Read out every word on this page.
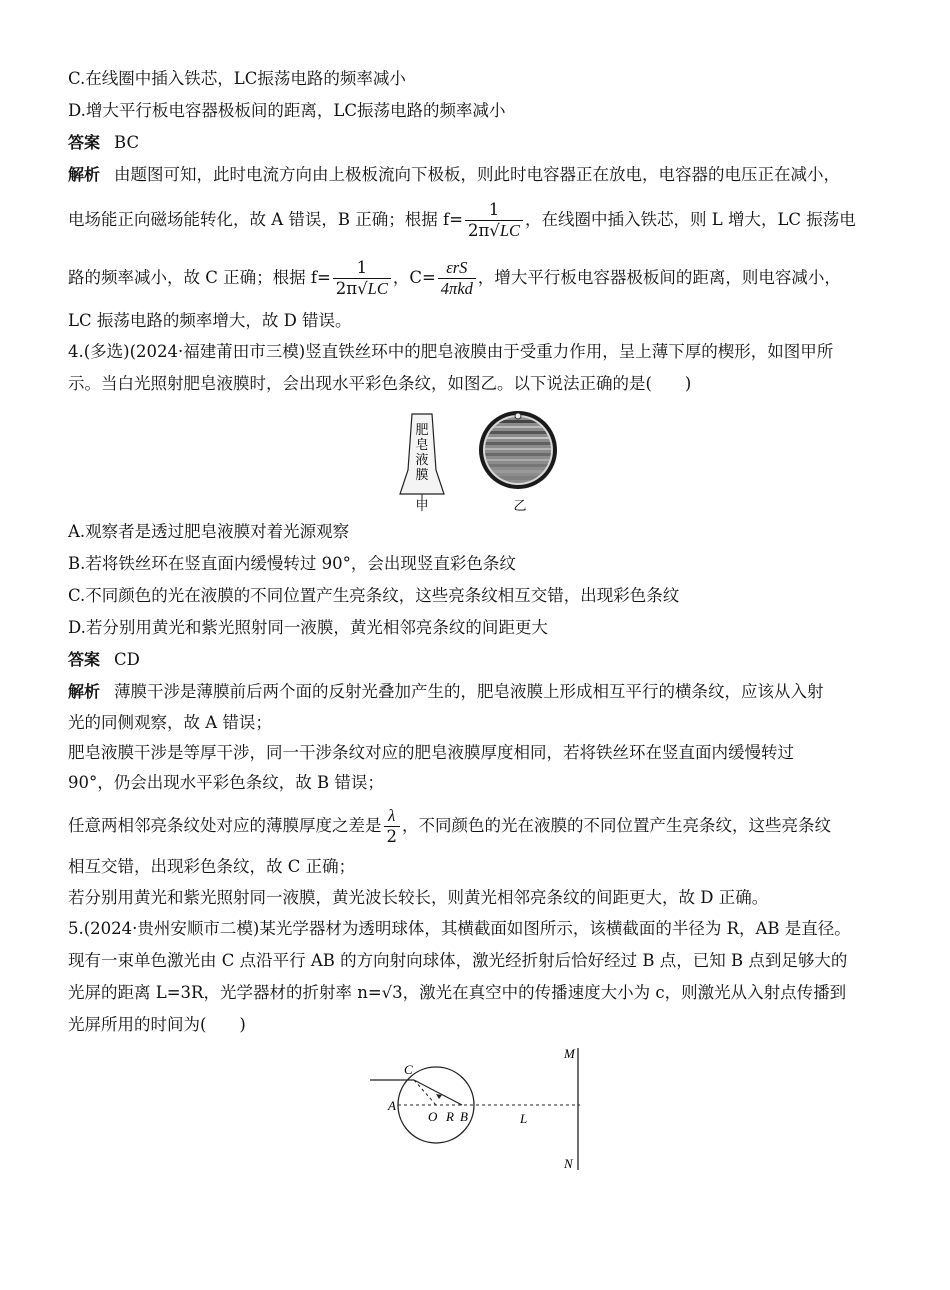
C.在线圈中插入铁芯，LC振荡电路的频率减小
D.增大平行板电容器极板间的距离，LC振荡电路的频率减小
答案 BC
解析 由题图可知，此时电流方向由上极板流向下极板，则此时电容器正在放电，电容器的电压正在减小，
电场能正向磁场能转化，故 A 错误，B 正确；根据 $f= \frac{1}{2\pi√LC}$ ，在线圈中插入铁芯，则 L 增大，LC 振荡电
路的频率减小，故 C 正确；根据 $f= \frac{1}{2\pi√LC}$ ，$C= \frac{\text{εrS}}{\text{4πkd}}$ ，增大平行板电容器极板间的距离，则电容减小，
LC 振荡电路的频率增大，故 D 错误。
4.(多选)(2024·福建莆田市三模)竖直铁丝环中的肥皂液膜由于受重力作用，呈上薄下厚的楔形，如图甲所
示。当白光照射肥皂液膜时，会出现水平彩色条纹，如图乙。以下说法正确的是(　　)
肥
皂
液
膜
甲	乙
A.观察者是透过肥皂液膜对着光源观察
B.若将铁丝环在竖直面内缓慢转过 90°，会出现竖直彩色条纹
C.不同颜色的光在液膜的不同位置产生亮条纹，这些亮条纹相互交错，出现彩色条纹
D.若分别用黄光和紫光照射同一液膜，黄光相邻亮条纹的间距更大
答案 CD
解析 薄膜干涉是薄膜前后两个面的反射光叠加产生的，肥皂液膜上形成相互平行的横条纹，应该从入射
光的同侧观察，故 A 错误；
肥皂液膜干涉是等厚干涉，同一干涉条纹对应的肥皂液膜厚度相同，若将铁丝环在竖直面内缓慢转过
90°，仍会出现水平彩色条纹，故 B 错误；
任意两相邻亮条纹处对应的薄膜厚度之差是 $\frac{\lambda}{2}$ ，不同颜色的光在液膜的不同位置产生亮条纹，这些亮条纹
相互交错，出现彩色条纹，故 C 正确；
若分别用黄光和紫光照射同一液膜，黄光波长较长，则黄光相邻亮条纹的间距更大，故 D 正确。
5.(2024·贵州安顺市二模)某光学器材为透明球体，其横截面如图所示，该横截面的半径为 R，AB 是直径。
现有一束单色激光由 C 点沿平行 AB 的方向射向球体，激光经折射后恰好经过 B 点，已知 B 点到足够大的
光屏的距离 L=3R，光学器材的折射率 n=√3，激光在真空中的传播速度大小为 c，则激光从入射点传播到
光屏所用的时间为(　　)
C
A
O R B	L
M
N
